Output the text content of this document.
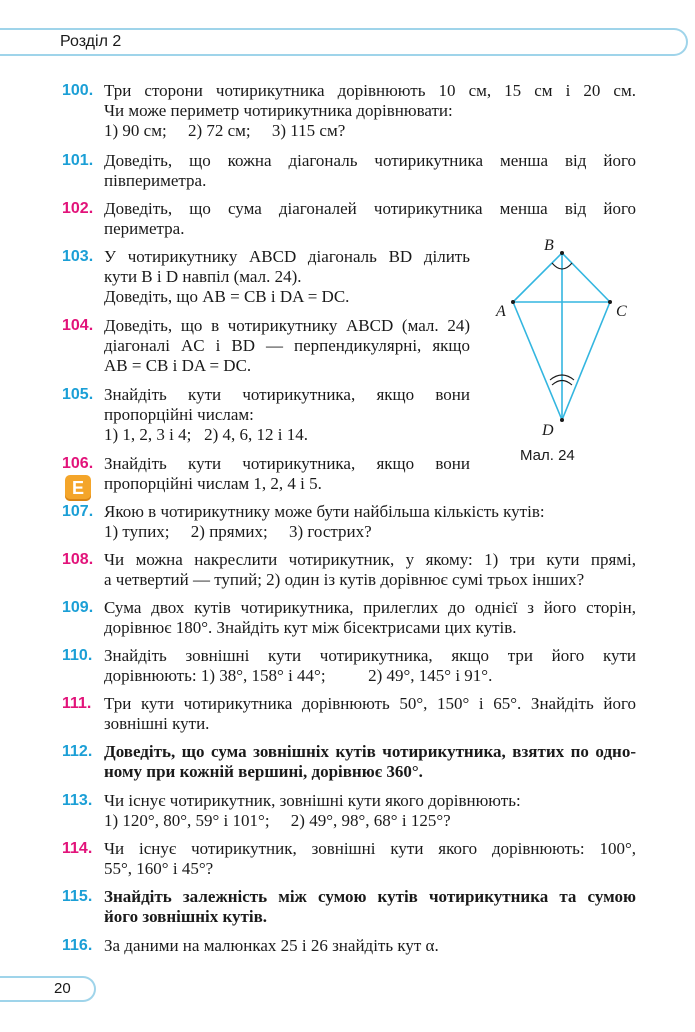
Розділ 2
100. Три сторони чотирикутника дорівнюють 10 см, 15 см і 20 см.
Чи може периметр чотирикутника дорівнювати:
1) 90 см;     2) 72 см;     3) 115 см?
101. Доведіть, що кожна діагональ чотирикутника менша від його
півпериметра.
102. Доведіть, що сума діагоналей чотирикутника менша від його
периметра.
103. У чотирикутнику ABCD діагональ BD ділить
кути B і D навпіл (мал. 24).
Доведіть, що AB = CB і DA = DC.
104. Доведіть, що в чотирикутнику ABCD (мал. 24)
діагоналі AC і BD — перпендикулярні, якщо
AB = CB і DA = DC.
105. Знайдіть кути чотирикутника, якщо вони
пропорційні числам:
1) 1, 2, 3 і 4;   2) 4, 6, 12 і 14.
106. Знайдіть кути чотирикутника, якщо вони
пропорційні числам 1, 2, 4 і 5.
E
107. Якою в чотирикутнику може бути найбільша кількість кутів:
1) тупих;     2) прямих;     3) гострих?
108. Чи можна накреслити чотирикутник, у якому: 1) три кути прямі,
а четвертий — тупий; 2) один із кутів дорівнює сумі трьох інших?
109. Сума двох кутів чотирикутника, прилеглих до однієї з його сторін,
дорівнює 180°. Знайдіть кут між бісектрисами цих кутів.
110. Знайдіть зовнішні кути чотирикутника, якщо три його кути
дорівнюють: 1) 38°, 158° і 44°;          2) 49°, 145° і 91°.
111. Три кути чотирикутника дорівнюють 50°, 150° і 65°. Знайдіть його
зовнішні кути.
112. Доведіть, що сума зовнішніх кутів чотирикутника, взятих по одно-
ному при кожній вершині, дорівнює 360°.
113. Чи існує чотирикутник, зовнішні кути якого дорівнюють:
1) 120°, 80°, 59° і 101°;     2) 49°, 98°, 68° і 125°?
114. Чи існує чотирикутник, зовнішні кути якого дорівнюють: 100°,
55°, 160° і 45°?
115. Знайдіть залежність між сумою кутів чотирикутника та сумою
його зовнішніх кутів.
116. За даними на малюнках 25 і 26 знайдіть кут α.
B
A	C
D
Мал. 24
20
